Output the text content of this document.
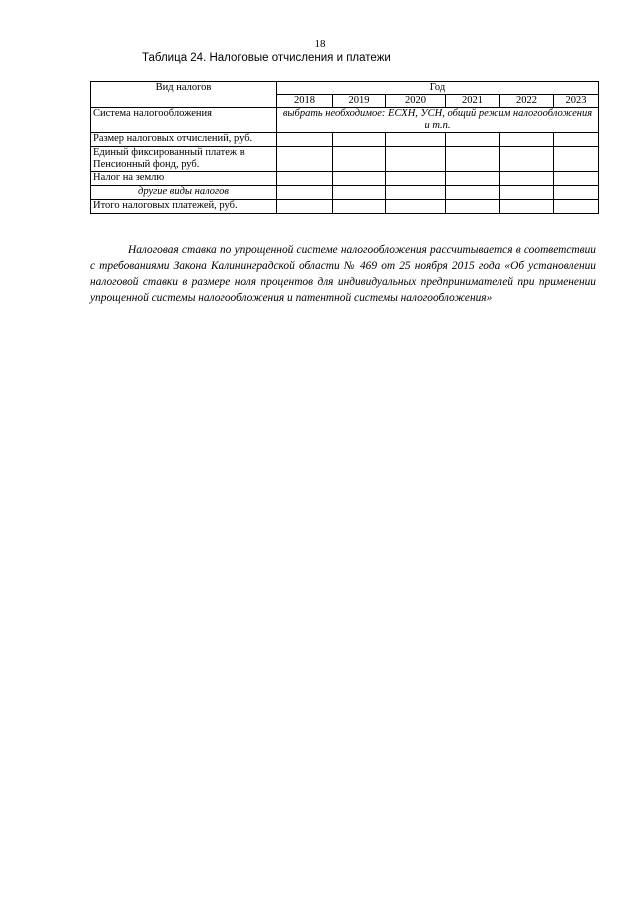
18
Таблица 24. Налоговые отчисления и платежи
Вид налогов	Год					
	2018	2019	2020	2021	2022	2023
Система налогообложения	выбрать необходимое: ЕСХН, УСН, общий режим налогообложения и т.п.					
Размер налоговых отчислений, руб.						
Единый фиксированный платеж в Пенсионный фонд, руб.						
Налог на землю						
другие виды налогов						
Итого налоговых платежей, руб.						

Налоговая ставка по упрощенной системе налогообложения рассчитывается в соответствии с требованиями Закона Калининградской области № 469 от 25 ноября 2015 года «Об установлении налоговой ставки в размере ноля процентов для индивидуальных предпринимателей при применении упрощенной системы налогообложения и патентной системы налогообложения»
